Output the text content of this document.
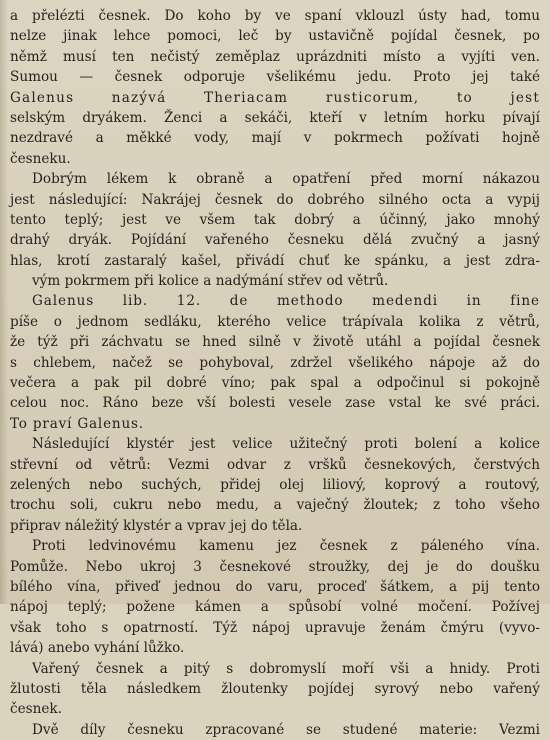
a přelézti česnek. Do koho by ve spaní vklouzl ústy had, tomu
nelze jinak lehce pomoci, leč by ustavičně pojídal česnek, po
němž musí ten nečistý zeměplaz uprázdniti místo a vyjíti ven.
Sumou — česnek odporuje všelikému jedu. Proto jej také
Galenus nazývá Theriacam rusticorum, to jest
selským dryákem. Ženci a sekáči, kteří v letním horku pívají
nezdravé a měkké vody, mají v pokrmech požívati hojně
česneku.
Dobrým lékem k obraně a opatření před morní nákazou
jest následující: Nakrájej česnek do dobrého silného octa a vypij
tento teplý; jest ve všem tak dobrý a účinný, jako mnohý
drahý dryák. Pojídání vařeného česneku dělá zvučný a jasný
hlas, krotí zastaralý kašel, přivádí chuť ke spánku, a jest zdra-
vým pokrmem při kolice a nadýmání střev od větrů.
Galenus lib. 12. de methodo medendi in fine
píše o jednom sedláku, kterého velice trápívala kolika z větrů,
že týž při záchvatu se hned silně v životě utáhl a pojídal česnek
s chlebem, načež se pohyboval, zdržel všelikého nápoje až do
večera a pak pil dobré víno; pak spal a odpočinul si pokojně
celou noc. Ráno beze vší bolesti vesele zase vstal ke své práci.
To praví Galenus.
Následující klystér jest velice užitečný proti bolení a kolice
střevní od větrů: Vezmi odvar z vršků česnekových, čerstvých
zelených nebo suchých, přidej olej liliový, koprový a routový,
trochu soli, cukru nebo medu, a vaječný žloutek; z toho všeho
připrav náležitý klystér a vprav jej do těla.
Proti ledvinovému kamenu jez česnek z páleného vína.
Pomůže. Nebo ukroj 3 česnekové stroužky, dej je do doušku
bílého vína, přiveď jednou do varu, proceď šátkem, a pij tento
nápoj teplý; požene kámen a spůsobí volné močení. Požívej
však toho s opatrností. Týž nápoj upravuje ženám čmýru (vyvo-
lává) anebo vyhání lůžko.
Vařený česnek a pitý s dobromyslí moří vši a hnidy. Proti
žlutosti těla následkem žloutenky pojídej syrový nebo vařený
česnek.
Dvě díly česneku zpracované se studené materie: Vezmi
